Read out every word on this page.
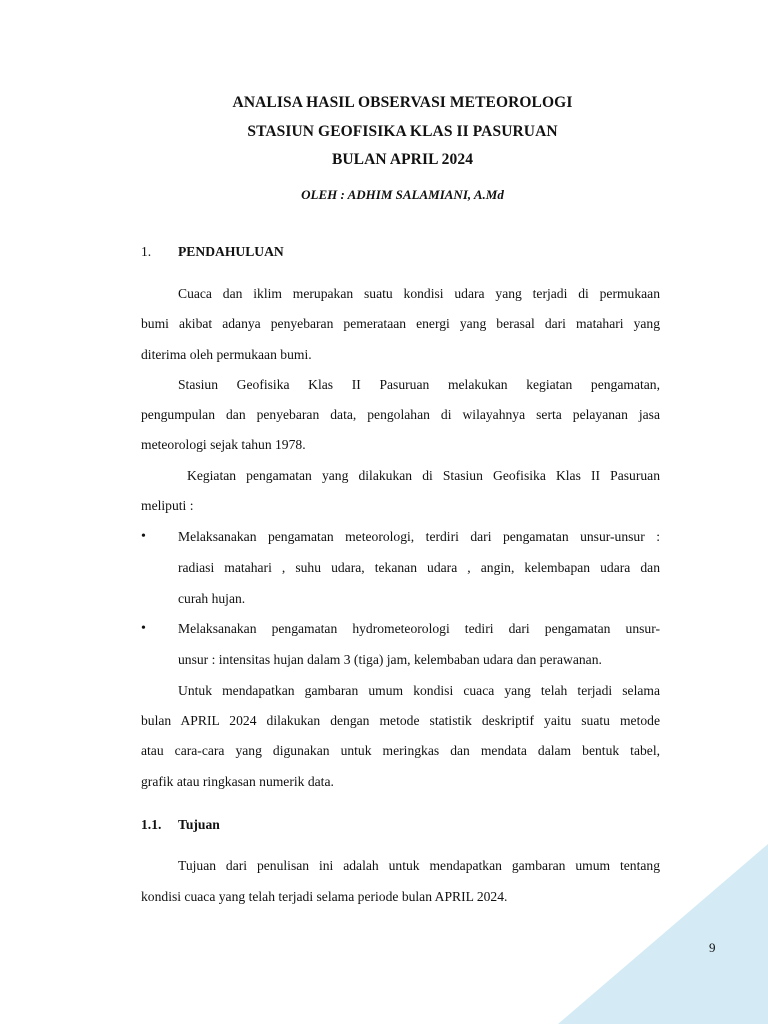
ANALISA HASIL OBSERVASI METEOROLOGI
STASIUN GEOFISIKA KLAS II PASURUAN
BULAN APRIL 2024
OLEH : ADHIM SALAMIANI, A.Md
1. PENDAHULUAN
Cuaca dan iklim merupakan suatu kondisi udara yang terjadi di permukaan
bumi akibat adanya penyebaran pemerataan energi yang berasal dari matahari yang
diterima oleh permukaan bumi.
Stasiun Geofisika Klas II Pasuruan melakukan kegiatan pengamatan,
pengumpulan dan penyebaran data, pengolahan di wilayahnya serta pelayanan jasa
meteorologi sejak tahun 1978.
Kegiatan pengamatan yang dilakukan di Stasiun Geofisika Klas II Pasuruan
meliputi :
• Melaksanakan pengamatan meteorologi, terdiri dari pengamatan unsur-unsur :
radiasi matahari , suhu udara, tekanan udara , angin, kelembapan udara dan
curah hujan.
• Melaksanakan pengamatan hydrometeorologi tediri dari pengamatan unsur-
unsur : intensitas hujan dalam 3 (tiga) jam, kelembaban udara dan perawanan.
Untuk mendapatkan gambaran umum kondisi cuaca yang telah terjadi selama
bulan APRIL 2024 dilakukan dengan metode statistik deskriptif yaitu suatu metode
atau cara-cara yang digunakan untuk meringkas dan mendata dalam bentuk tabel,
grafik atau ringkasan numerik data.
1.1. Tujuan
Tujuan dari penulisan ini adalah untuk mendapatkan gambaran umum tentang
kondisi cuaca yang telah terjadi selama periode bulan APRIL 2024.
9
